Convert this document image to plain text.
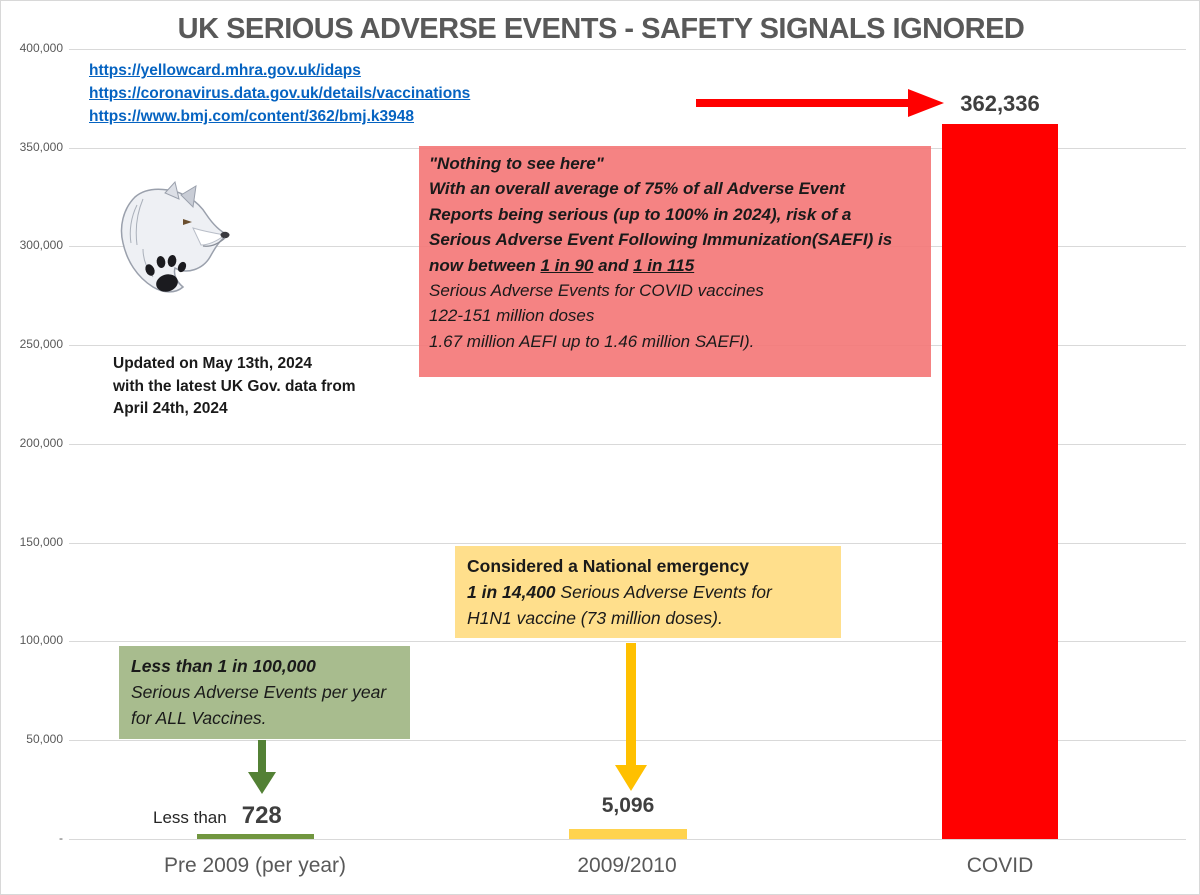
400,000
350,000
300,000
250,000
200,000
150,000
100,000
50,000
-
UK SERIOUS ADVERSE EVENTS - SAFETY SIGNALS IGNORED
https://yellowcard.mhra.gov.uk/idaps
https://coronavirus.data.gov.uk/details/vaccinations
https://www.bmj.com/content/362/bmj.k3948
Updated on May 13th, 2024
with the latest UK Gov. data from
April 24th, 2024
"Nothing to see here"
With an overall average of 75% of all Adverse Event
Reports being serious (up to 100% in 2024), risk of a
Serious Adverse Event Following Immunization(SAEFI) is
now between 1 in 90 and 1 in 115
Serious Adverse Events for COVID vaccines
122-151 million doses
1.67 million AEFI up to 1.46 million SAEFI).
Considered a National emergency
1 in 14,400 Serious Adverse Events for
H1N1 vaccine (73 million doses).
Less than 1 in 100,000
Serious Adverse Events per year
for ALL Vaccines.
Less than 728	5,096
362,336
Pre 2009 (per year)	2009/2010	COVID
